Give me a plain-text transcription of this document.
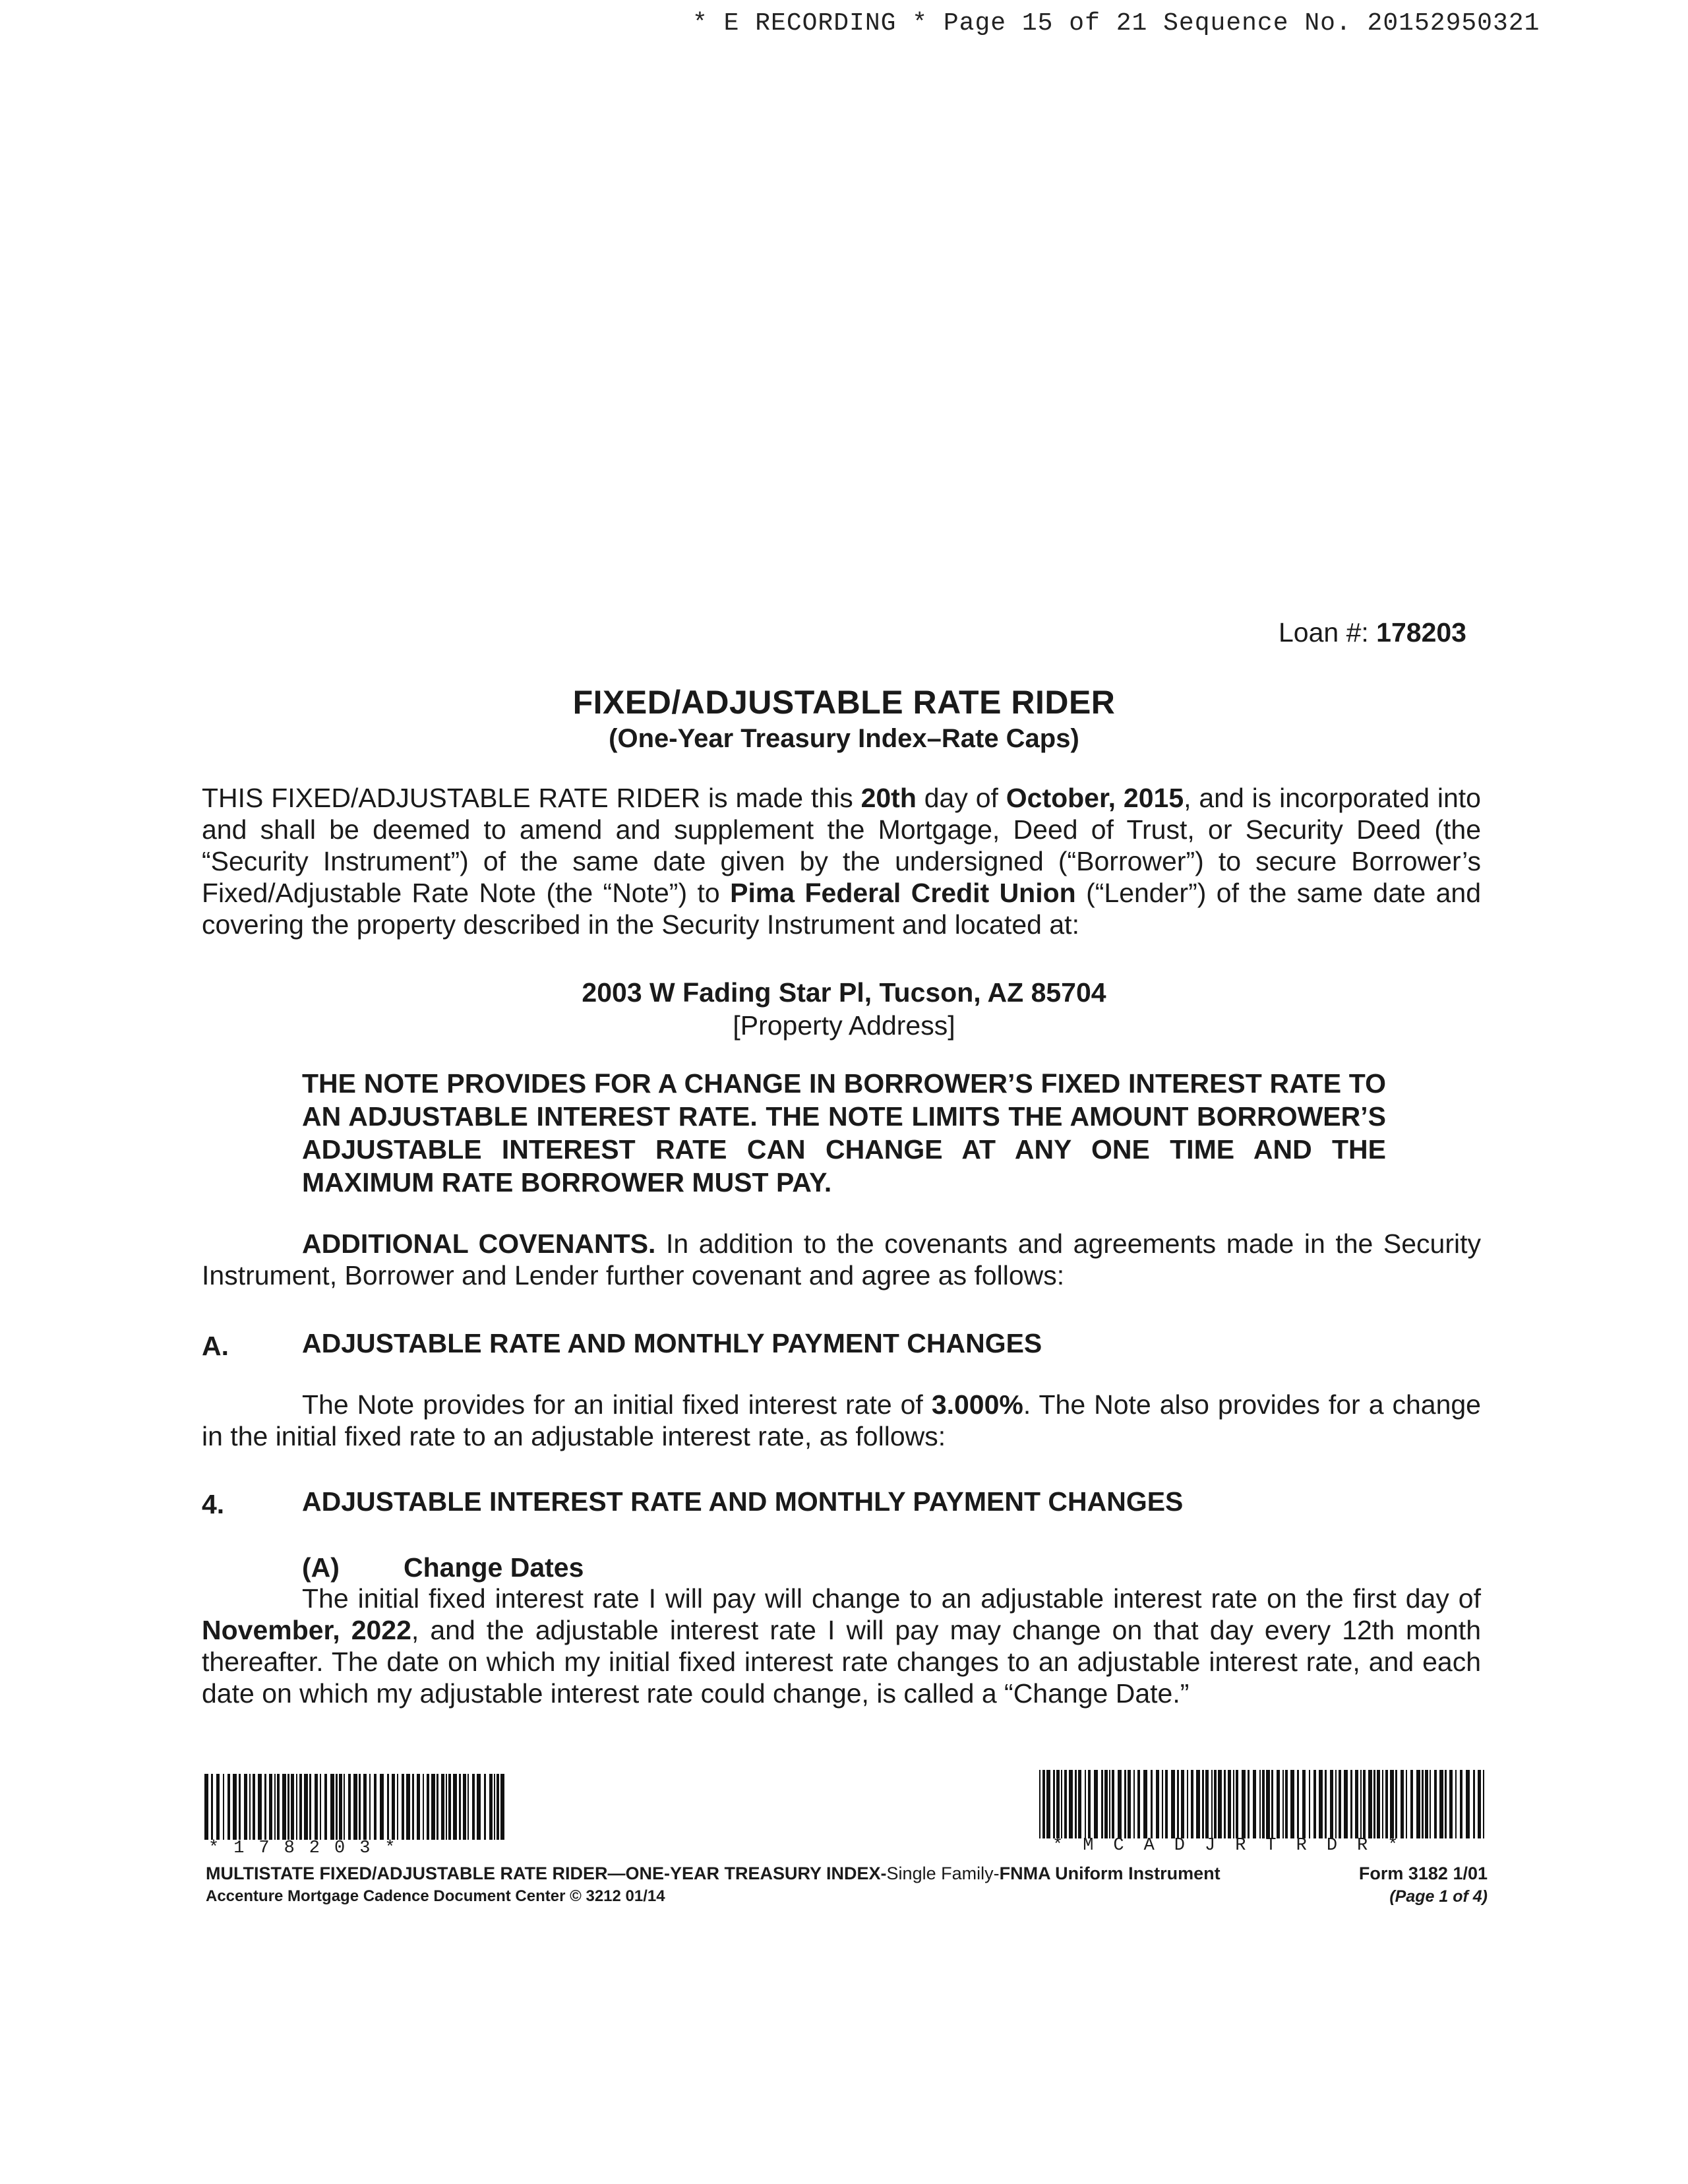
* E RECORDING * Page 15 of 21 Sequence No. 20152950321
Loan #: 178203
FIXED/ADJUSTABLE RATE RIDER
(One-Year Treasury Index–Rate Caps)
THIS FIXED/ADJUSTABLE RATE RIDER is made this 20th day of October, 2015, and is incorporated into and shall be deemed to amend and supplement the Mortgage, Deed of Trust, or Security Deed (the “Security Instrument”) of the same date given by the undersigned (“Borrower”) to secure Borrower’s Fixed/Adjustable Rate Note (the “Note”) to Pima Federal Credit Union (“Lender”) of the same date and covering the property described in the Security Instrument and located at:
2003 W Fading Star Pl, Tucson, AZ 85704
[Property Address]
THE NOTE PROVIDES FOR A CHANGE IN BORROWER’S FIXED INTEREST RATE TO AN ADJUSTABLE INTEREST RATE. THE NOTE LIMITS THE AMOUNT BORROWER’S ADJUSTABLE INTEREST RATE CAN CHANGE AT ANY ONE TIME AND THE MAXIMUM RATE BORROWER MUST PAY.
ADDITIONAL COVENANTS. In addition to the covenants and agreements made in the Security Instrument, Borrower and Lender further covenant and agree as follows:
A.	ADJUSTABLE RATE AND MONTHLY PAYMENT CHANGES
The Note provides for an initial fixed interest rate of 3.000%. The Note also provides for a change in the initial fixed rate to an adjustable interest rate, as follows:
4.	ADJUSTABLE INTEREST RATE AND MONTHLY PAYMENT CHANGES
(A) Change Dates
The initial fixed interest rate I will pay will change to an adjustable interest rate on the first day of November, 2022, and the adjustable interest rate I will pay may change on that day every 12th month thereafter. The date on which my initial fixed interest rate changes to an adjustable interest rate, and each date on which my adjustable interest rate could change, is called a “Change Date.”
*178203*	*MCADJRTRDR*
MULTISTATE FIXED/ADJUSTABLE RATE RIDER—ONE-YEAR TREASURY INDEX-Single Family-FNMA Uniform Instrument	Form 3182 1/01
Accenture Mortgage Cadence Document Center © 3212 01/14	(Page 1 of 4)
